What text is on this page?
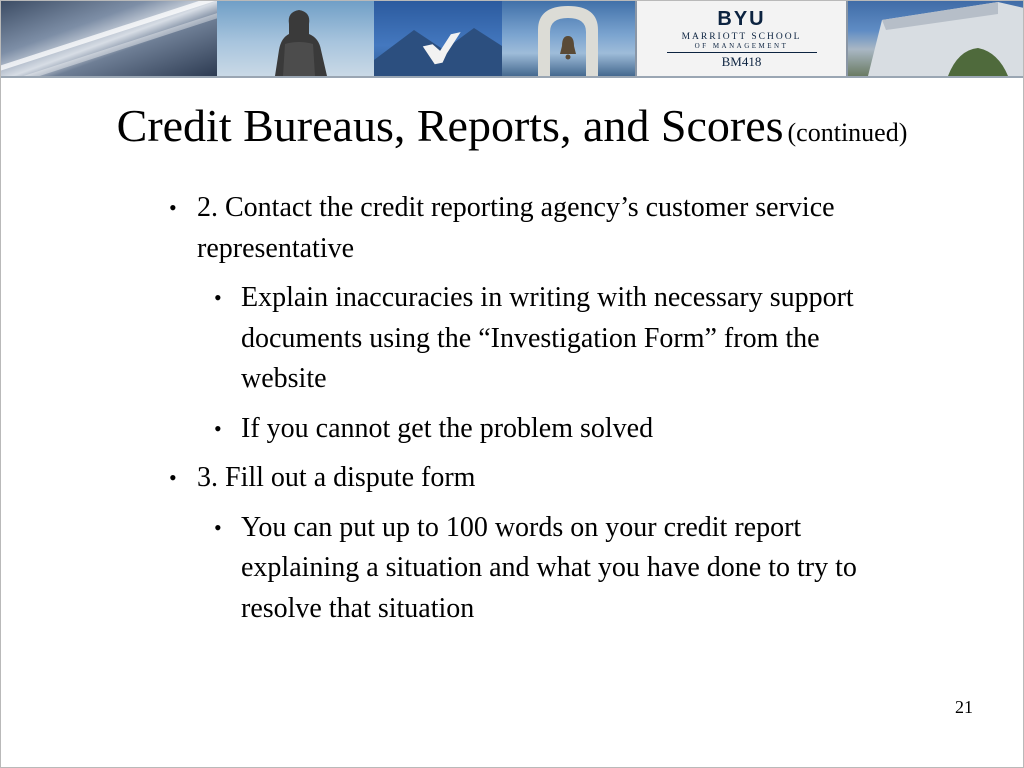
BYU
MARRIOTT SCHOOL
OF MANAGEMENT
BM418
Credit Bureaus, Reports, and Scores (continued)
• 2. Contact the credit reporting agency’s customer service representative
• Explain inaccuracies in writing with necessary support documents using the “Investigation Form” from the website
• If you cannot get the problem solved
• 3. Fill out a dispute form
• You can put up to 100 words on your credit report explaining a situation and what you have done to try to resolve that situation
21
